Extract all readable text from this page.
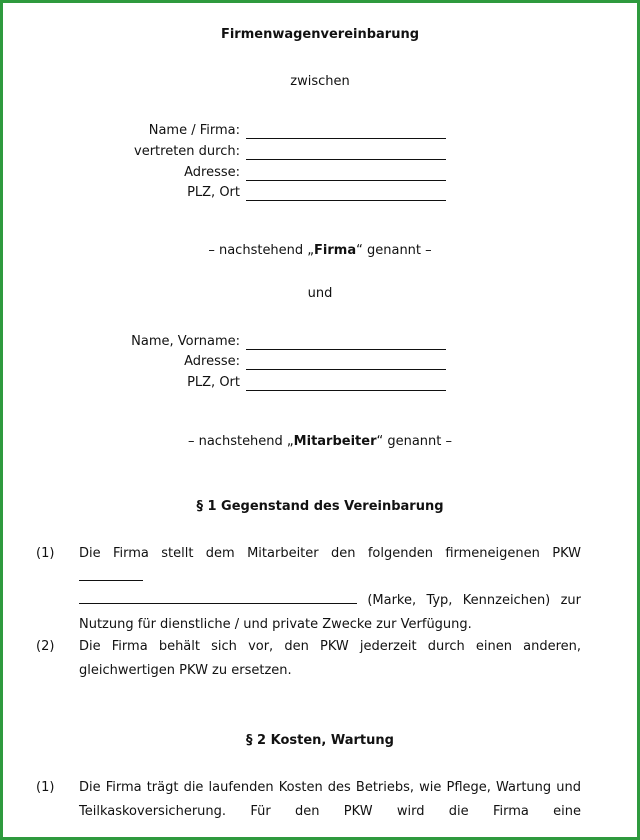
Firmenwagenvereinbarung
zwischen
Name / Firma:
vertreten durch:
Adresse:
PLZ, Ort
– nachstehend „Firma“ genannt –
und
Name, Vorname:
Adresse:
PLZ, Ort
– nachstehend „Mitarbeiter“ genannt –
§ 1 Gegenstand des Vereinbarung
(1) Die Firma stellt dem Mitarbeiter den folgenden firmeneigenen PKW
(Marke, Typ, Kennzeichen) zur
Nutzung für dienstliche / und private Zwecke zur Verfügung.
(2) Die Firma behält sich vor, den PKW jederzeit durch einen anderen,
gleichwertigen PKW zu ersetzen.
§ 2 Kosten, Wartung
(1) Die Firma trägt die laufenden Kosten des Betriebs, wie Pflege, Wartung und
Teilkaskoversicherung. Für den PKW wird die Firma eine
